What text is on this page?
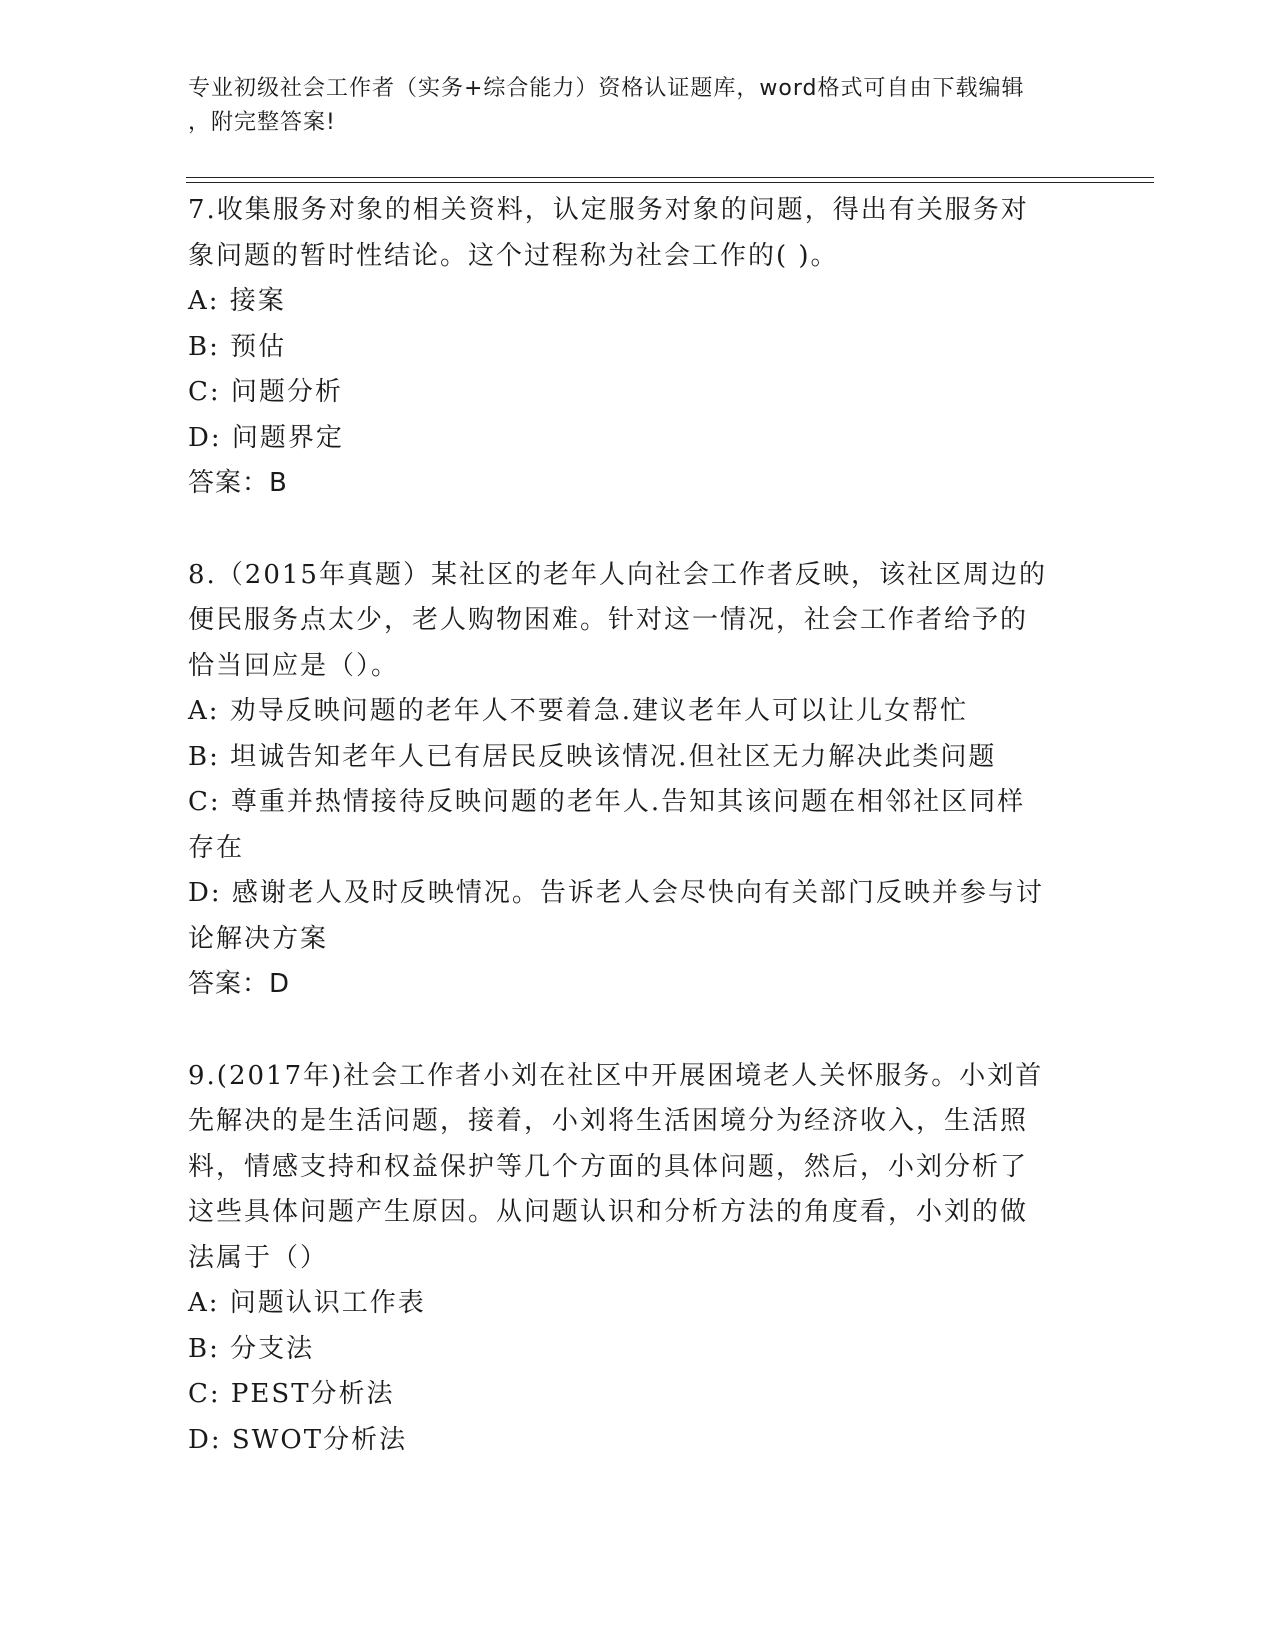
专业初级社会工作者（实务+综合能力）资格认证题库，word格式可自由下载编辑
，附完整答案!
7.收集服务对象的相关资料，认定服务对象的问题，得出有关服务对
象问题的暂时性结论。这个过程称为社会工作的( )。
A: 接案
B: 预估
C: 问题分析
D: 问题界定
答案：B
8.（2015年真题）某社区的老年人向社会工作者反映，该社区周边的
便民服务点太少，老人购物困难。针对这一情况，社会工作者给予的
恰当回应是（）。
A: 劝导反映问题的老年人不要着急.建议老年人可以让儿女帮忙
B: 坦诚告知老年人已有居民反映该情况.但社区无力解决此类问题
C: 尊重并热情接待反映问题的老年人.告知其该问题在相邻社区同样
存在
D: 感谢老人及时反映情况。告诉老人会尽快向有关部门反映并参与讨
论解决方案
答案：D
9.(2017年)社会工作者小刘在社区中开展困境老人关怀服务。小刘首
先解决的是生活问题，接着，小刘将生活困境分为经济收入，生活照
料，情感支持和权益保护等几个方面的具体问题，然后，小刘分析了
这些具体问题产生原因。从问题认识和分析方法的角度看，小刘的做
法属于（）
A: 问题认识工作表
B: 分支法
C: PEST分析法
D: SWOT分析法
